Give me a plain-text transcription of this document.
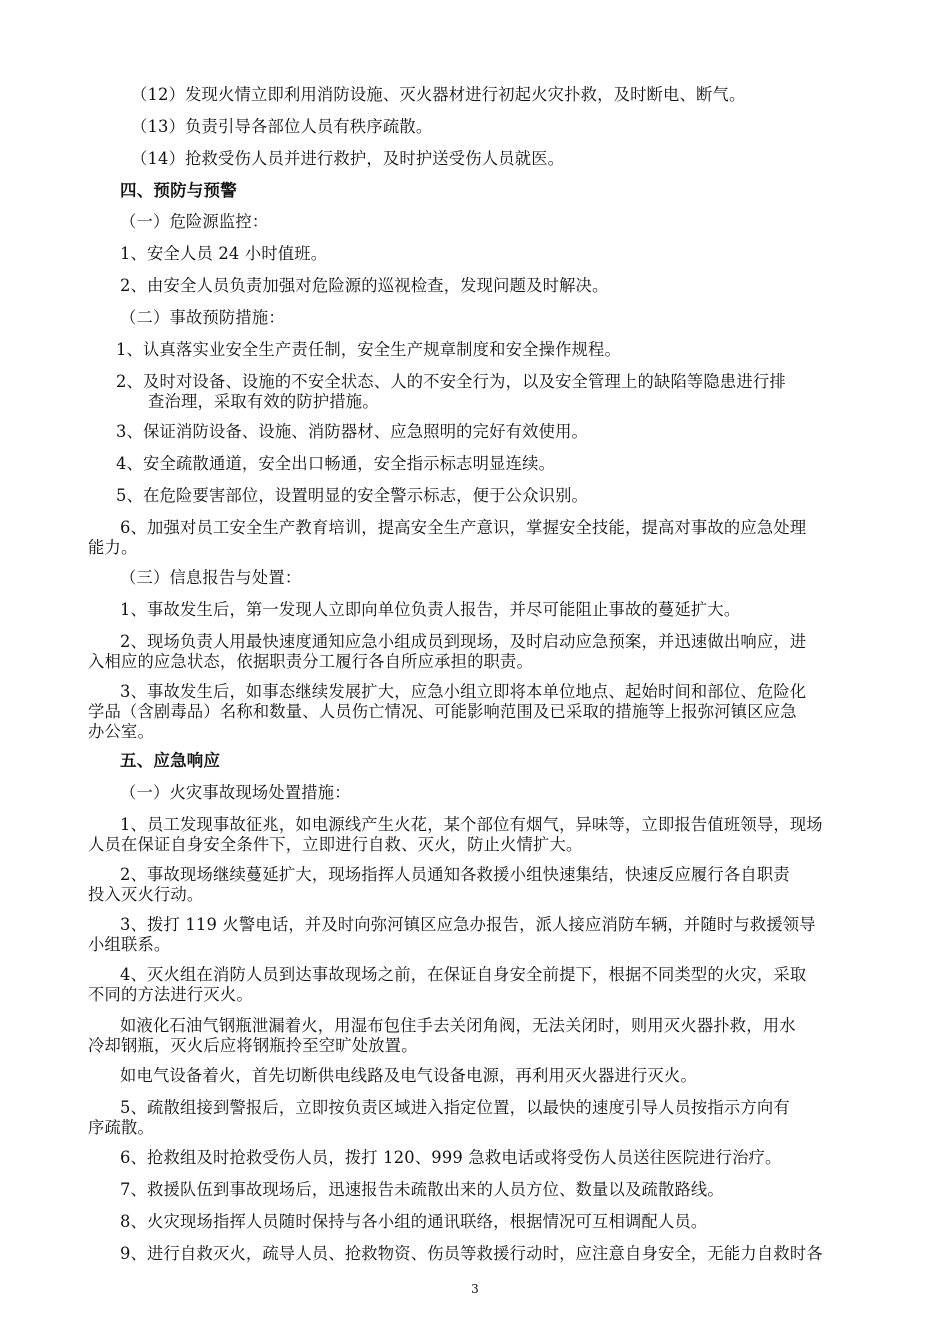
（12）发现火情立即利用消防设施、灭火器材进行初起火灾扑救，及时断电、断气。
（13）负责引导各部位人员有秩序疏散。
（14）抢救受伤人员并进行救护，及时护送受伤人员就医。
四、预防与预警
（一）危险源监控：
1、安全人员 24 小时值班。
2、由安全人员负责加强对危险源的巡视检查，发现问题及时解决。
（二）事故预防措施：
1、认真落实业安全生产责任制，安全生产规章制度和安全操作规程。
2、及时对设备、设施的不安全状态、人的不安全行为，以及安全管理上的缺陷等隐患进行排
查治理，采取有效的防护措施。
3、保证消防设备、设施、消防器材、应急照明的完好有效使用。
4、安全疏散通道，安全出口畅通，安全指示标志明显连续。
5、在危险要害部位，设置明显的安全警示标志，便于公众识别。
6、加强对员工安全生产教育培训，提高安全生产意识，掌握安全技能，提高对事故的应急处理
能力。
（三）信息报告与处置：
1、事故发生后，第一发现人立即向单位负责人报告，并尽可能阻止事故的蔓延扩大。
2、现场负责人用最快速度通知应急小组成员到现场，及时启动应急预案，并迅速做出响应，进
入相应的应急状态，依据职责分工履行各自所应承担的职责。
3、事故发生后，如事态继续发展扩大，应急小组立即将本单位地点、起始时间和部位、危险化
学品（含剧毒品）名称和数量、人员伤亡情况、可能影响范围及已采取的措施等上报弥河镇区应急
办公室。
五、应急响应
（一）火灾事故现场处置措施：
1、员工发现事故征兆，如电源线产生火花，某个部位有烟气，异味等，立即报告值班领导，现场
人员在保证自身安全条件下，立即进行自救、灭火，防止火情扩大。
2、事故现场继续蔓延扩大，现场指挥人员通知各救援小组快速集结，快速反应履行各自职责
投入灭火行动。
3、拨打 119 火警电话，并及时向弥河镇区应急办报告，派人接应消防车辆，并随时与救援领导
小组联系。
4、灭火组在消防人员到达事故现场之前，在保证自身安全前提下，根据不同类型的火灾，采取
不同的方法进行灭火。
如液化石油气钢瓶泄漏着火，用湿布包住手去关闭角阀，无法关闭时，则用灭火器扑救，用水
冷却钢瓶，灭火后应将钢瓶拎至空旷处放置。
如电气设备着火，首先切断供电线路及电气设备电源，再利用灭火器进行灭火。
5、疏散组接到警报后，立即按负责区域进入指定位置，以最快的速度引导人员按指示方向有
序疏散。
6、抢救组及时抢救受伤人员，拨打 120、999 急救电话或将受伤人员送往医院进行治疗。
7、救援队伍到事故现场后，迅速报告未疏散出来的人员方位、数量以及疏散路线。
8、火灾现场指挥人员随时保持与各小组的通讯联络，根据情况可互相调配人员。
9、进行自救灭火，疏导人员、抢救物资、伤员等救援行动时，应注意自身安全，无能力自救时各
3
